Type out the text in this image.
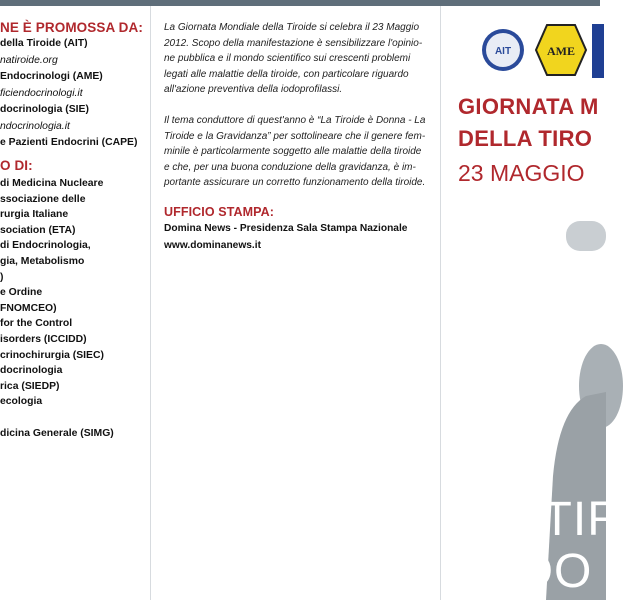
NE È PROMOSSA DA:
della Tiroide (AIT)
natiroide.org
Endocrinologi (AME)
ficiendocrinologi.it
docrinologia (SIE)
ndocrinologia.it
e Pazienti Endocrini (CAPE)
O DI:
di Medicina Nucleare
ssociazione delle
rurgia Italiane
sociation (ETA)
di Endocrinologia,
gia, Metabolismo
)
e Ordine
FNOMCEO)
for the Control
isorders (ICCIDD)
crinochirurgia (SIEC)
docrinologia
rica (SIEDP)
ecologia
dicina Generale (SIMG)
La Giornata Mondiale della Tiroide si celebra il 23 Maggio
2012. Scopo della manifestazione è sensibilizzare l'opinio-
ne pubblica e il mondo scientifico sui crescenti problemi
legati alle malattie della tiroide, con particolare riguardo
all'azione preventiva della iodoprofilassi.
Il tema conduttore di quest'anno è “La Tiroide è Donna - La
Tiroide e la Gravidanza” per sottolineare che il genere fem-
minile è particolarmente soggetto alle malattie della tiroide
e che, per una buona conduzione della gravidanza, è im-
portante assicurare un corretto funzionamento della tiroide.
UFFICIO STAMPA:
Domina News - Presidenza Sala Stampa Nazionale
www.dominanews.it
AIT	AME
GIORNATA M
DELLA TIRO
23 MAGGIO
LA TIR
È DO
